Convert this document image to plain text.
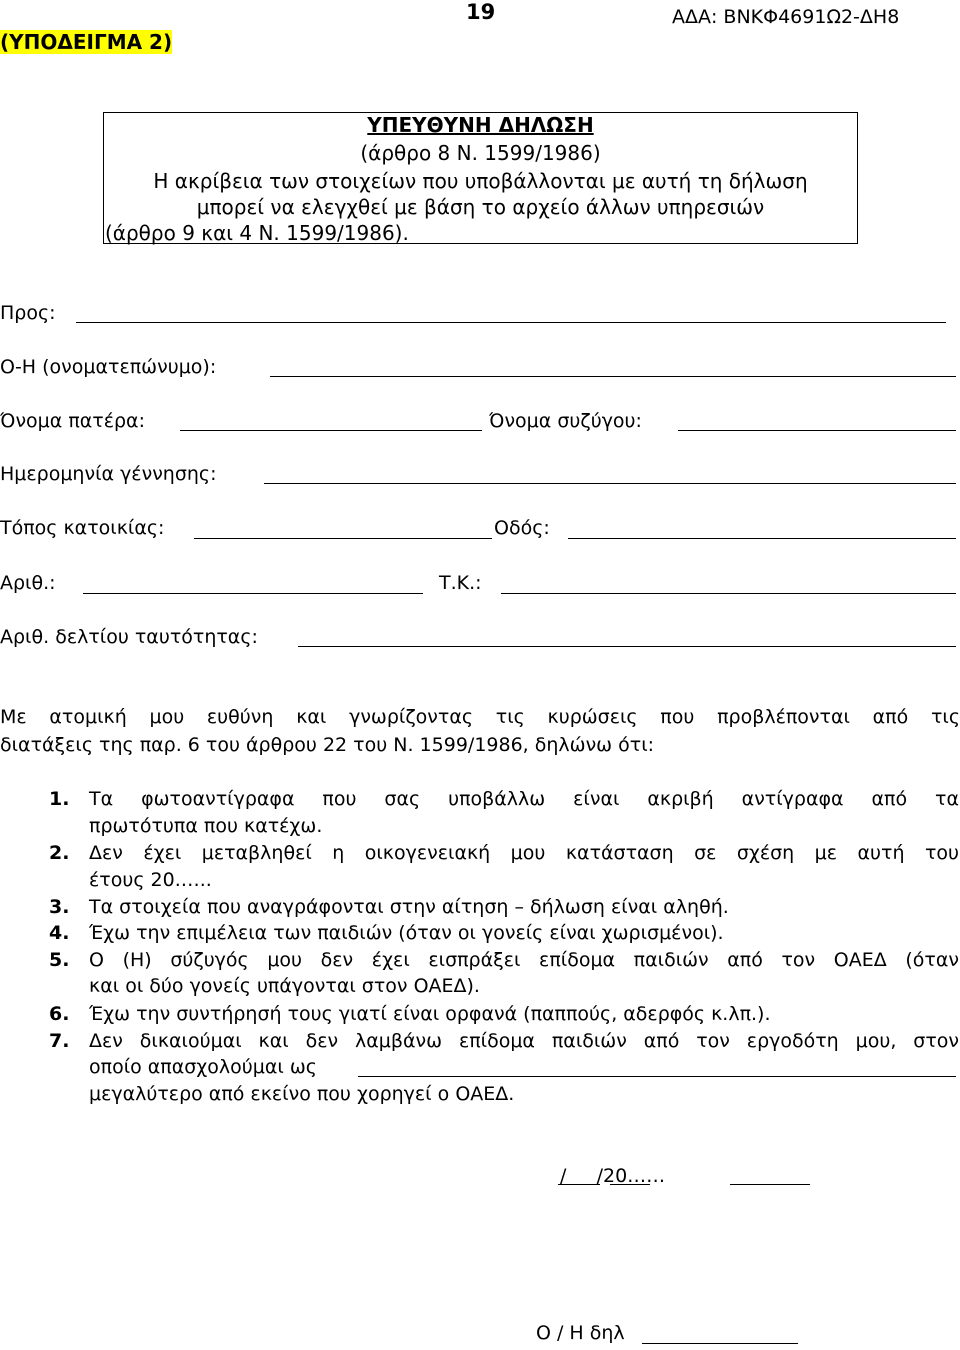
(ΥΠΟΔΕΙΓΜΑ 2)
19	ΑΔΑ: ΒΝΚΦ4691Ω2-ΔΗ8
ΥΠΕΥΘΥΝΗ ΔΗΛΩΣΗ
(άρθρο 8 Ν. 1599/1986)
Η ακρίβεια των στοιχείων που υποβάλλονται με αυτή τη δήλωση
μπορεί να ελεγχθεί με βάση το αρχείο άλλων υπηρεσιών
(άρθρο 9 και 4 Ν. 1599/1986).
Προς:
Ο-Η (ονοματεπώνυμο):
Όνομα πατέρα:	Όνομα συζύγου:
Ημερομηνία γέννησης:
Τόπος κατοικίας:	Οδός:
Αριθ.:	Τ.Κ.:
Αριθ. δελτίου ταυτότητας:
Με ατομική μου ευθύνη και γνωρίζοντας τις κυρώσεις που προβλέπονται από τις
διατάξεις της παρ. 6 του άρθρου 22 του Ν. 1599/1986, δηλώνω ότι:
1. Τα φωτοαντίγραφα που σας υποβάλλω είναι ακριβή αντίγραφα από τα
πρωτότυπα που κατέχω.
2. Δεν έχει μεταβληθεί η οικογενειακή μου κατάσταση σε σχέση με αυτή του
έτους 20.…..
3. Τα στοιχεία που αναγράφονται στην αίτηση – δήλωση είναι αληθή.
4. Έχω την επιμέλεια των παιδιών (όταν οι γονείς είναι χωρισμένοι).
5. Ο (Η) σύζυγός μου δεν έχει εισπράξει επίδομα παιδιών από τον ΟΑΕΔ (όταν
και οι δύο γονείς υπάγονται στον ΟΑΕΔ).
6. Έχω την συντήρησή τους γιατί είναι ορφανά (παππούς, αδερφός κ.λπ.).
7. Δεν δικαιούμαι και δεν λαμβάνω επίδομα παιδιών από τον εργοδότη μου, στον
οποίο απασχολούμαι ως
μεγαλύτερο από εκείνο που χορηγεί ο ΟΑΕΔ.
/     /20……
Ο / Η δηλ
